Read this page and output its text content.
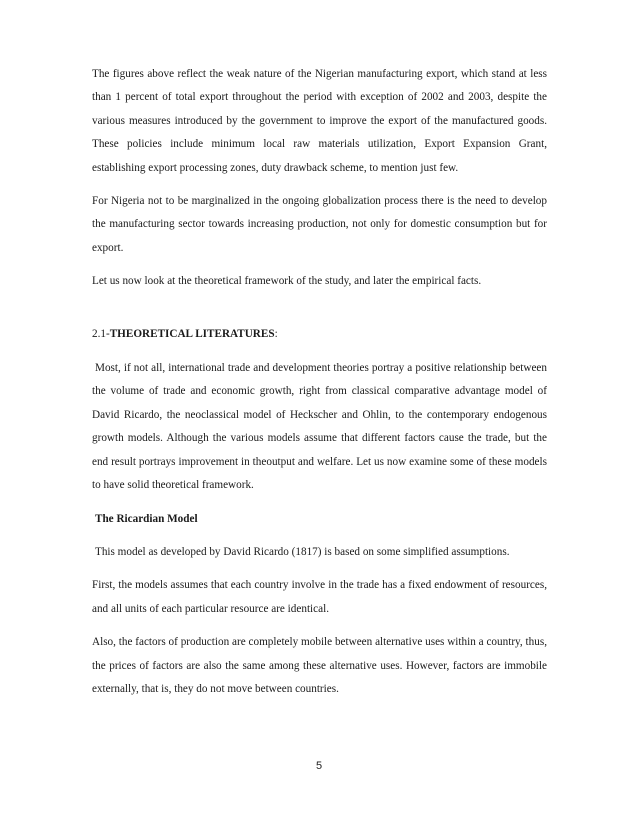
The figures above reflect the weak nature of the Nigerian manufacturing export, which stand at less than 1 percent of total export throughout the period with exception of 2002 and 2003, despite the various measures introduced by the government to improve the export of the manufactured goods. These policies include minimum local raw materials utilization, Export Expansion Grant, establishing export processing zones, duty drawback scheme, to mention just few.

For Nigeria not to be marginalized in the ongoing globalization process there is the need to develop the manufacturing sector towards increasing production, not only for domestic consumption but for export.

Let us now look at the theoretical framework of the study, and later the empirical facts.

2.1-THEORETICAL LITERATURES:

Most, if not all, international trade and development theories portray a positive relationship between the volume of trade and economic growth, right from classical comparative advantage model of David Ricardo, the neoclassical model of Heckscher and Ohlin, to the contemporary endogenous growth models. Although the various models assume that different factors cause the trade, but the end result portrays improvement in theoutput and welfare. Let us now examine some of these models to have solid theoretical framework.

The Ricardian Model

This model as developed by David Ricardo (1817) is based on some simplified assumptions.

First, the models assumes that each country involve in the trade has a fixed endowment of resources, and all units of each particular resource are identical.

Also, the factors of production are completely mobile between alternative uses within a country, thus, the prices of factors are also the same among these alternative uses. However, factors are immobile externally, that is, they do not move between countries.

5
